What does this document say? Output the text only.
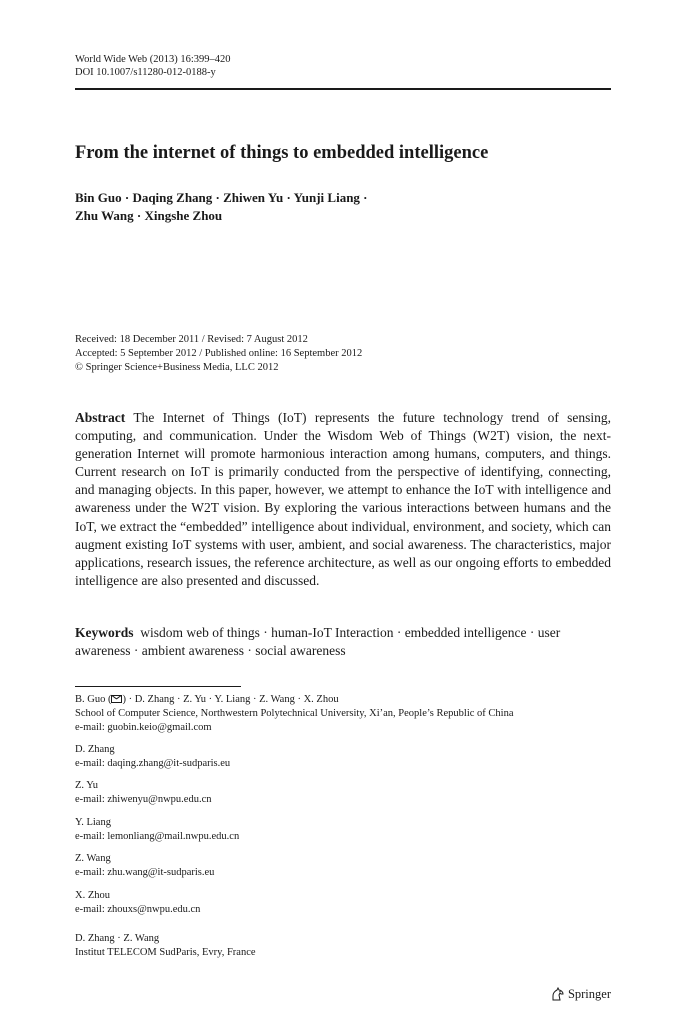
World Wide Web (2013) 16:399–420
DOI 10.1007/s11280-012-0188-y
From the internet of things to embedded intelligence
Bin Guo · Daqing Zhang · Zhiwen Yu · Yunji Liang ·
Zhu Wang · Xingshe Zhou
Received: 18 December 2011 / Revised: 7 August 2012
Accepted: 5 September 2012 / Published online: 16 September 2012
© Springer Science+Business Media, LLC 2012
Abstract The Internet of Things (IoT) represents the future technology trend of sensing, computing, and communication. Under the Wisdom Web of Things (W2T) vision, the next-generation Internet will promote harmonious interaction among humans, computers, and things. Current research on IoT is primarily conducted from the perspective of identifying, connecting, and managing objects. In this paper, however, we attempt to enhance the IoT with intelligence and awareness under the W2T vision. By exploring the various interactions between humans and the IoT, we extract the “embedded” intelligence about individual, environment, and society, which can augment existing IoT systems with user, ambient, and social awareness. The characteristics, major applications, research issues, the reference architecture, as well as our ongoing efforts to embedded intelligence are also presented and discussed.
Keywords wisdom web of things · human-IoT Interaction · embedded intelligence · user awareness · ambient awareness · social awareness
B. Guo ( ) · D. Zhang · Z. Yu · Y. Liang · Z. Wang · X. Zhou
School of Computer Science, Northwestern Polytechnical University, Xi’an, People’s Republic of China
e-mail: guobin.keio@gmail.com
D. Zhang
e-mail: daqing.zhang@it-sudparis.eu
Z. Yu
e-mail: zhiwenyu@nwpu.edu.cn
Y. Liang
e-mail: lemonliang@mail.nwpu.edu.cn
Z. Wang
e-mail: zhu.wang@it-sudparis.eu
X. Zhou
e-mail: zhouxs@nwpu.edu.cn
D. Zhang · Z. Wang
Institut TELECOM SudParis, Evry, France
Springer
